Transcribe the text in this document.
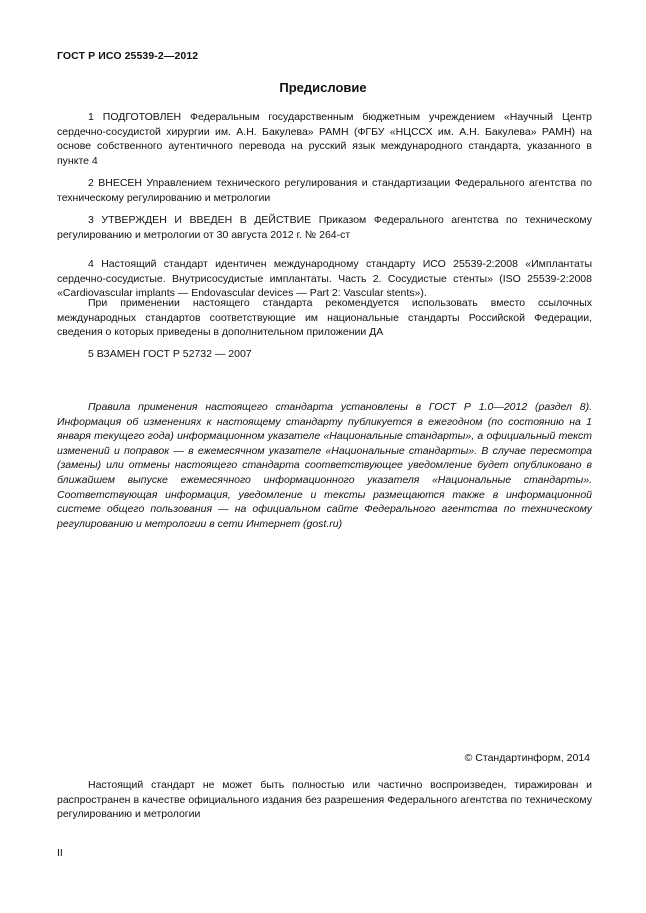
ГОСТ Р ИСО 25539-2—2012
Предисловие

1 ПОДГОТОВЛЕН Федеральным государственным бюджетным учреждением «Научный Центр сердечно-сосудистой хирургии им. А.Н. Бакулева» РАМН (ФГБУ «НЦССХ им. А.Н. Бакулева» РАМН) на основе собственного аутентичного перевода на русский язык международного стандарта, указанного в пункте 4

2 ВНЕСЕН Управлением технического регулирования и стандартизации Федерального агентства по техническому регулированию и метрологии

3 УТВЕРЖДЕН И ВВЕДЕН В ДЕЙСТВИЕ Приказом Федерального агентства по техническому регулированию и метрологии от 30 августа 2012 г. № 264-ст

4 Настоящий стандарт идентичен международному стандарту ИСО 25539-2:2008 «Имплантаты сердечно-сосудистые. Внутрисосудистые имплантаты. Часть 2. Сосудистые стенты» (ISO 25539-2:2008 «Cardiovascular implants — Endovascular devices — Part 2: Vascular stents»).

При применении настоящего стандарта рекомендуется использовать вместо ссылочных международных стандартов соответствующие им национальные стандарты Российской Федерации, сведения о которых приведены в дополнительном приложении ДА

5 ВЗАМЕН ГОСТ Р 52732 — 2007

Правила применения настоящего стандарта установлены в ГОСТ Р 1.0—2012 (раздел 8). Информация об изменениях к настоящему стандарту публикуется в ежегодном (по состоянию на 1 января текущего года) информационном указателе «Национальные стандарты», а официальный текст изменений и поправок — в ежемесячном указателе «Национальные стандарты». В случае пересмотра (замены) или отмены настоящего стандарта соответствующее уведомление будет опубликовано в ближайшем выпуске ежемесячного информационного указателя «Национальные стандарты». Соответствующая информация, уведомление и тексты размещаются также в информационной системе общего пользования — на официальном сайте Федерального агентства по техническому регулированию и метрологии в сети Интернет (gost.ru)

© Стандартинформ, 2014

Настоящий стандарт не может быть полностью или частично воспроизведен, тиражирован и распространен в качестве официального издания без разрешения Федерального агентства по техническому регулированию и метрологии

II
